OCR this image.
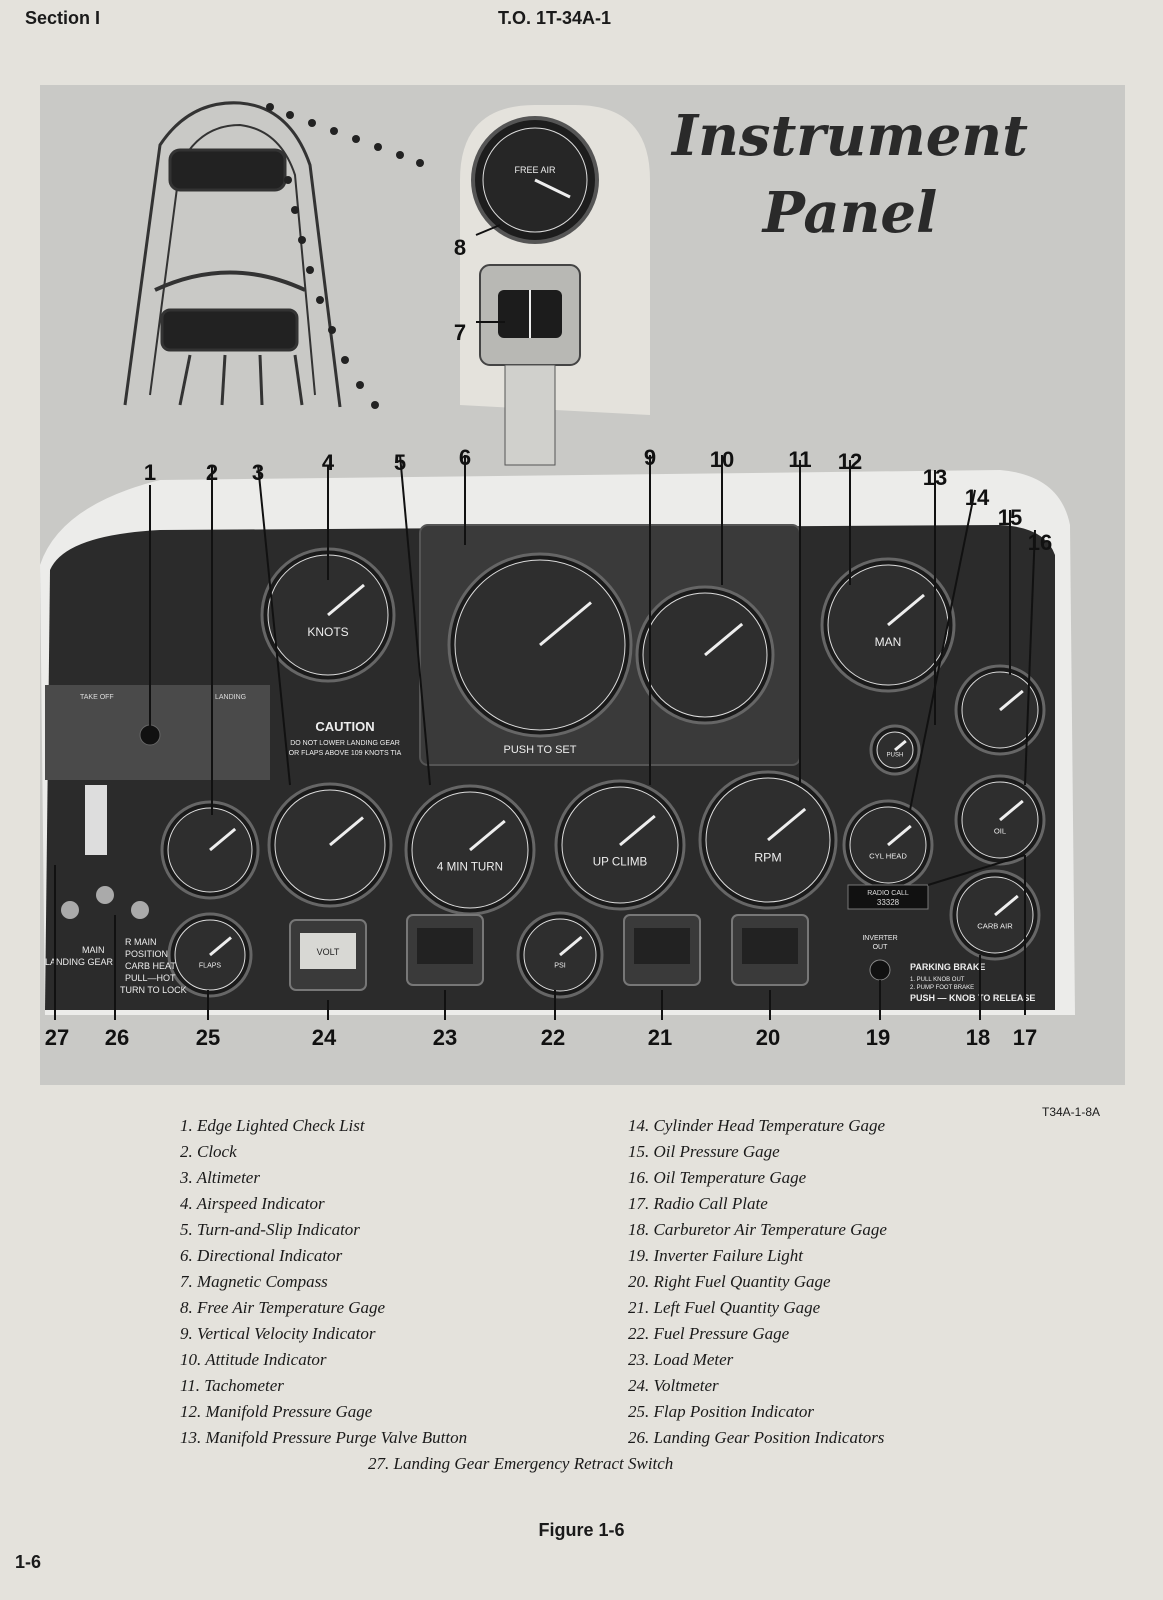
Section I	T.O. 1T-34A-1
FREE AIR
TAKE OFF	LANDING
CAUTION
DO NOT LOWER LANDING GEAR
OR FLAPS ABOVE 109 KNOTS TIA
KNOTS
MAN
PUSH
4 MIN TURN	UP CLIMB	RPM	CYL HEAD
OIL
CARB AIR
FLAPS	PSI
VOLT
PUSH TO SET
MAIN
LANDING GEAR
R MAIN
POSITION
CARB HEAT
PULL—HOT
TURN TO LOCK
RADIO CALL
33328
INVERTER
OUT
PARKING BRAKE
1. PULL KNOB OUT
2. PUMP FOOT BRAKE
PUSH — KNOB TO RELEASE
Instrument
Panel
1 2 3	4	5 6
7
8
9 10 11 12
13
14
15
16
17
18
19
20
21
22
23
24
25
26
27
T34A-1-8A
1. Edge Lighted Check List
2. Clock
3. Altimeter
4. Airspeed Indicator
5. Turn-and-Slip Indicator
6. Directional Indicator
7. Magnetic Compass
8. Free Air Temperature Gage
9. Vertical Velocity Indicator
10. Attitude Indicator
11. Tachometer
12. Manifold Pressure Gage
13. Manifold Pressure Purge Valve Button
14. Cylinder Head Temperature Gage
15. Oil Pressure Gage
16. Oil Temperature Gage
17. Radio Call Plate
18. Carburetor Air Temperature Gage
19. Inverter Failure Light
20. Right Fuel Quantity Gage
21. Left Fuel Quantity Gage
22. Fuel Pressure Gage
23. Load Meter
24. Voltmeter
25. Flap Position Indicator
26. Landing Gear Position Indicators
27. Landing Gear Emergency Retract Switch
Figure 1-6
1-6
